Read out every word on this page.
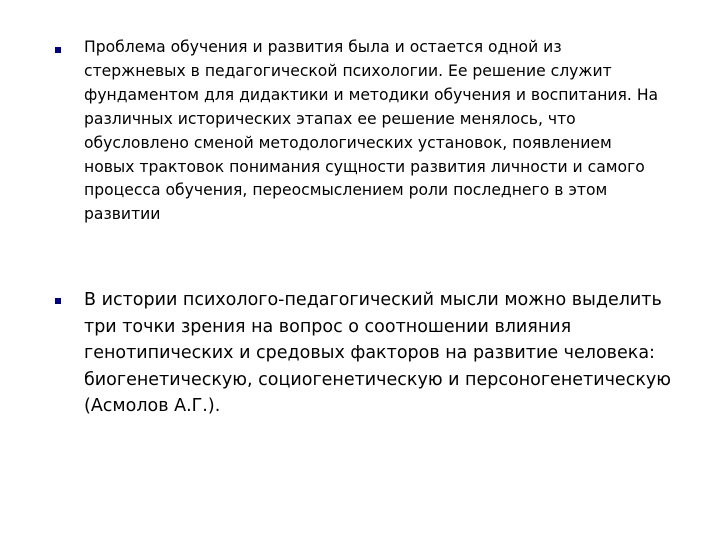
Проблема обучения и развития была и остается одной из стержневых в педагогической психологии. Ее решение служит фундаментом для дидактики и методики обучения и воспитания. На различных исторических этапах ее решение менялось, что обусловлено сменой методологических установок, появлением новых трактовок понимания сущности развития личности и самого процесса обучения, переосмыслением роли последнего в этом развитии
В истории психолого-педагогический мысли можно выделить три точки зрения на вопрос о соотношении влияния генотипических и средовых факторов на развитие человека: биогенетическую, социогенетическую и персоногенетическую (Асмолов А.Г.).
